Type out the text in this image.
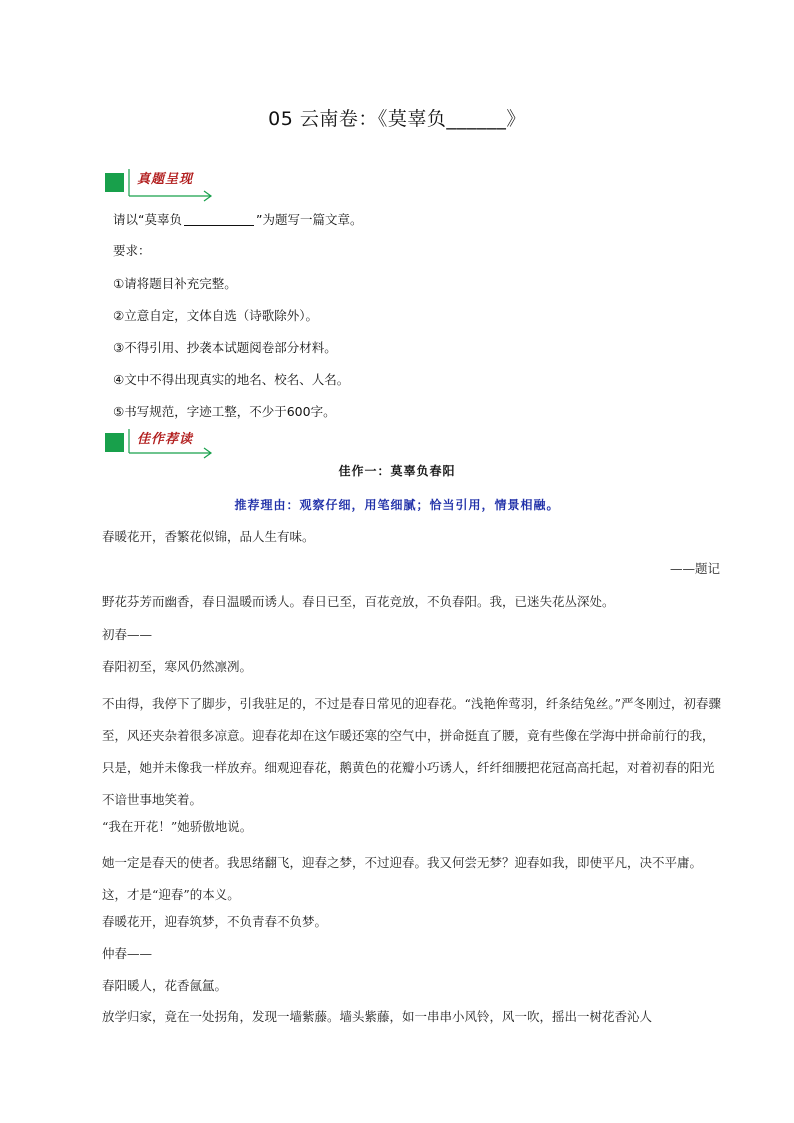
05 云南卷：《莫辜负______》
真题呈现
请以“莫辜负	”为题写一篇文章。
要求：
①请将题目补充完整。
②立意自定，文体自选（诗歌除外）。
③不得引用、抄袭本试题阅卷部分材料。
④文中不得出现真实的地名、校名、人名。
⑤书写规范，字迹工整，不少于600字。
佳作荐读
佳作一：莫辜负春阳
推荐理由：观察仔细，用笔细腻；恰当引用，情景相融。
春暖花开，香繁花似锦，品人生有味。
——题记
野花芬芳而幽香，春日温暖而诱人。春日已至，百花竞放，不负春阳。我，已迷失花丛深处。
初春——
春阳初至，寒风仍然凛冽。
不由得，我停下了脚步，引我驻足的，不过是春日常见的迎春花。“浅艳侔莺羽，纤条结兔丝。”严冬刚过，初春骤至，风还夹杂着很多凉意。迎春花却在这乍暖还寒的空气中，拼命挺直了腰，竟有些像在学海中拼命前行的我，只是，她并未像我一样放弃。细观迎春花，鹅黄色的花瓣小巧诱人，纤纤细腰把花冠高高托起，对着初春的阳光不谙世事地笑着。
“我在开花！”她骄傲地说。
她一定是春天的使者。我思绪翻飞，迎春之梦，不过迎春。我又何尝无梦？迎春如我，即使平凡，决不平庸。这，才是“迎春”的本义。
春暖花开，迎春筑梦，不负青春不负梦。
仲春——
春阳暖人，花香氤氲。
放学归家，竟在一处拐角，发现一墙紫藤。墙头紫藤，如一串串小风铃，风一吹，摇出一树花香沁人
